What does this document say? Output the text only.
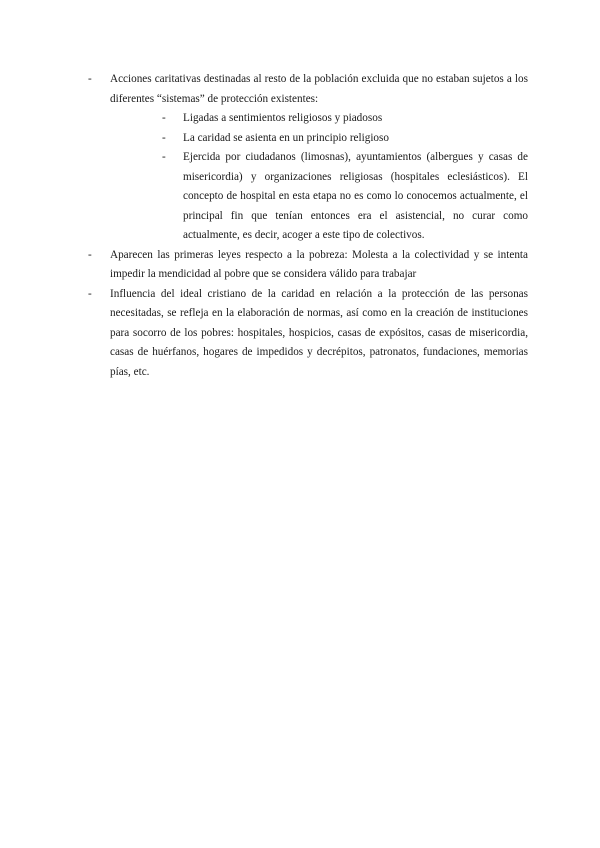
- Acciones caritativas destinadas al resto de la población excluida que no estaban sujetos a los diferentes “sistemas” de protección existentes:
- Ligadas a sentimientos religiosos y piadosos
- La caridad se asienta en un principio religioso
- Ejercida por ciudadanos (limosnas), ayuntamientos (albergues y casas de misericordia) y organizaciones religiosas (hospitales eclesiásticos). El concepto de hospital en esta etapa no es como lo conocemos actualmente, el principal fin que tenían entonces era el asistencial, no curar como actualmente, es decir, acoger a este tipo de colectivos.
- Aparecen las primeras leyes respecto a la pobreza: Molesta a la colectividad y se intenta impedir la mendicidad al pobre que se considera válido para trabajar
- Influencia del ideal cristiano de la caridad en relación a la protección de las personas necesitadas, se refleja en la elaboración de normas, así como en la creación de instituciones para socorro de los pobres: hospitales, hospicios, casas de expósitos, casas de misericordia, casas de huérfanos, hogares de impedidos y decrépitos, patronatos, fundaciones, memorias pías, etc.
